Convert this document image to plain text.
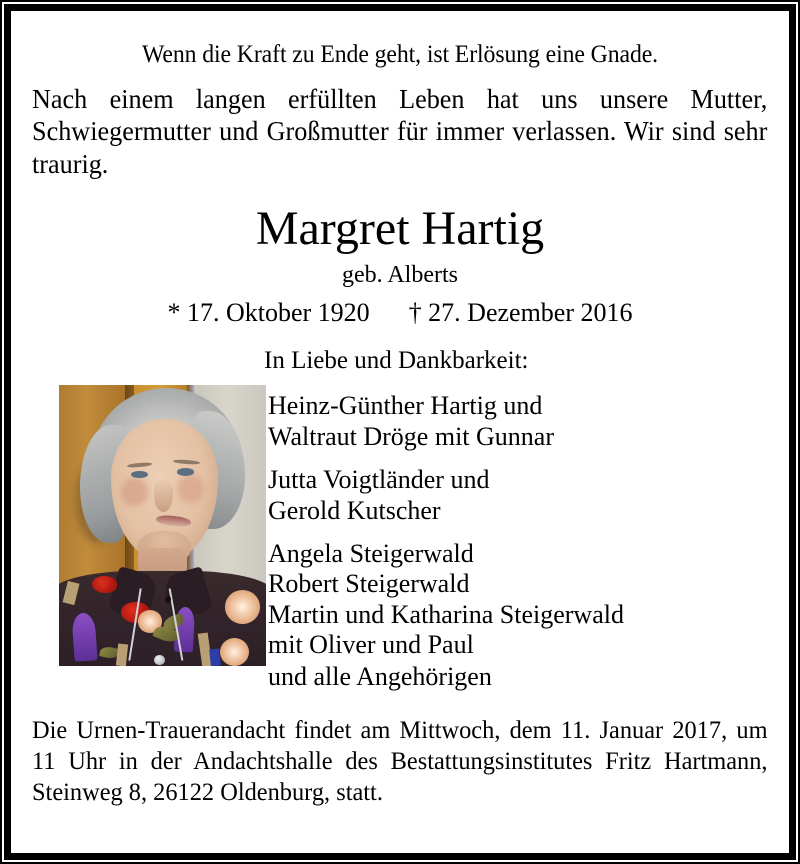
Wenn die Kraft zu Ende geht, ist Erlösung eine Gnade.
Nach einem langen erfüllten Leben hat uns unsere Mutter, Schwiegermutter und Großmutter für immer verlassen. Wir sind sehr traurig.
Margret Hartig
geb. Alberts
* 17. Oktober 1920      † 27. Dezember 2016
In Liebe und Dankbarkeit:
Heinz-Günther Hartig und
Waltraut Dröge mit Gunnar
Jutta Voigtländer und
Gerold Kutscher
Angela Steigerwald
Robert Steigerwald
Martin und Katharina Steigerwald
mit Oliver und Paul
und alle Angehörigen
Die Urnen-Trauerandacht findet am Mittwoch, dem 11. Januar 2017, um 11 Uhr in der Andachtshalle des Bestattungsinstitutes Fritz Hartmann, Steinweg 8, 26122 Oldenburg, statt.
